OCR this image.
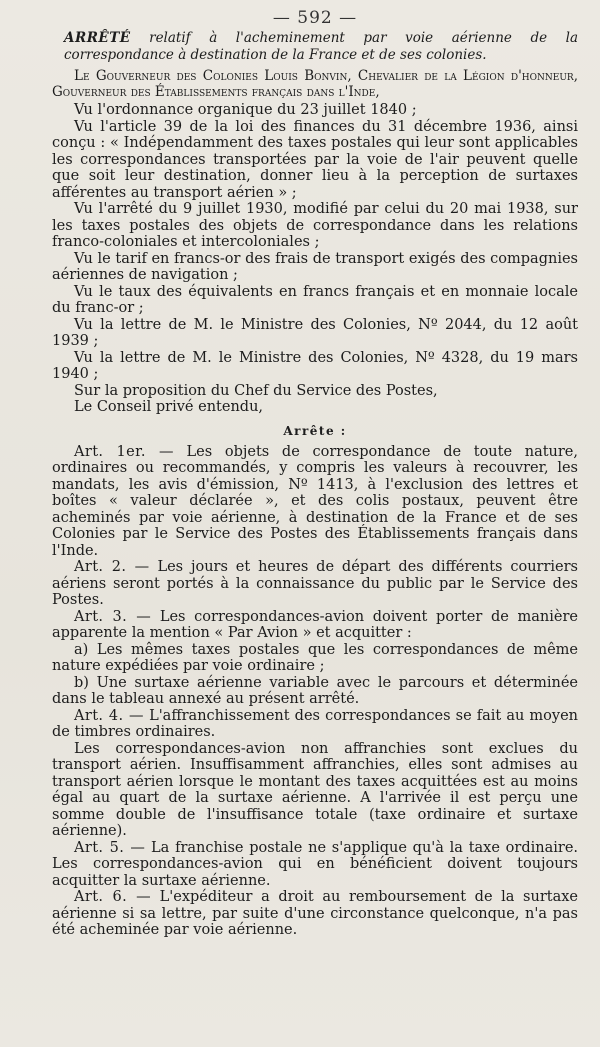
— 592 —
ARRÊTÉ relatif à l'acheminement par voie aérienne de la correspondance à destination de la France et de ses colonies.

Le Gouverneur des Colonies Louis Bonvin, Chevalier de la Légion d'honneur, Gouverneur des Établissements français dans l'Inde,

Vu l'ordonnance organique du 23 juillet 1840 ;

Vu l'article 39 de la loi des finances du 31 décembre 1936, ainsi conçu : « Indépendamment des taxes postales qui leur sont applicables les correspondances transportées par la voie de l'air peuvent quelle que soit leur destination, donner lieu à la perception de surtaxes afférentes au transport aérien » ;

Vu l'arrêté du 9 juillet 1930, modifié par celui du 20 mai 1938, sur les taxes postales des objets de correspondance dans les relations franco-coloniales et intercoloniales ;

Vu le tarif en francs-or des frais de transport exigés des compagnies aériennes de navigation ;

Vu le taux des équivalents en francs français et en monnaie locale du franc-or ;

Vu la lettre de M. le Ministre des Colonies, Nº 2044, du 12 août 1939 ;

Vu la lettre de M. le Ministre des Colonies, Nº 4328, du 19 mars 1940 ;

Sur la proposition du Chef du Service des Postes,

Le Conseil privé entendu,

Arrête :

Art. 1er. — Les objets de correspondance de toute nature, ordinaires ou recommandés, y compris les valeurs à recouvrer, les mandats, les avis d'émission, Nº 1413, à l'exclusion des lettres et boîtes « valeur déclarée », et des colis postaux, peuvent être acheminés par voie aérienne, à destination de la France et de ses Colonies par le Service des Postes des Établissements français dans l'Inde.

Art. 2. — Les jours et heures de départ des différents courriers aériens seront portés à la connaissance du public par le Service des Postes.

Art. 3. — Les correspondances-avion doivent porter de manière apparente la mention « Par Avion » et acquitter :

a) Les mêmes taxes postales que les correspondances de même nature expédiées par voie ordinaire ;

b) Une surtaxe aérienne variable avec le parcours et déterminée dans le tableau annexé au présent arrêté.

Art. 4. — L'affranchissement des correspondances se fait au moyen de timbres ordinaires.

Les correspondances-avion non affranchies sont exclues du transport aérien. Insuffisamment affranchies, elles sont admises au transport aérien lorsque le montant des taxes acquittées est au moins égal au quart de la surtaxe aérienne. A l'arrivée il est perçu une somme double de l'insuffisance totale (taxe ordinaire et surtaxe aérienne).

Art. 5. — La franchise postale ne s'applique qu'à la taxe ordinaire. Les correspondances-avion qui en bénéficient doivent toujours acquitter la surtaxe aérienne.

Art. 6. — L'expéditeur a droit au remboursement de la surtaxe aérienne si sa lettre, par suite d'une circonstance quelconque, n'a pas été acheminée par voie aérienne.
